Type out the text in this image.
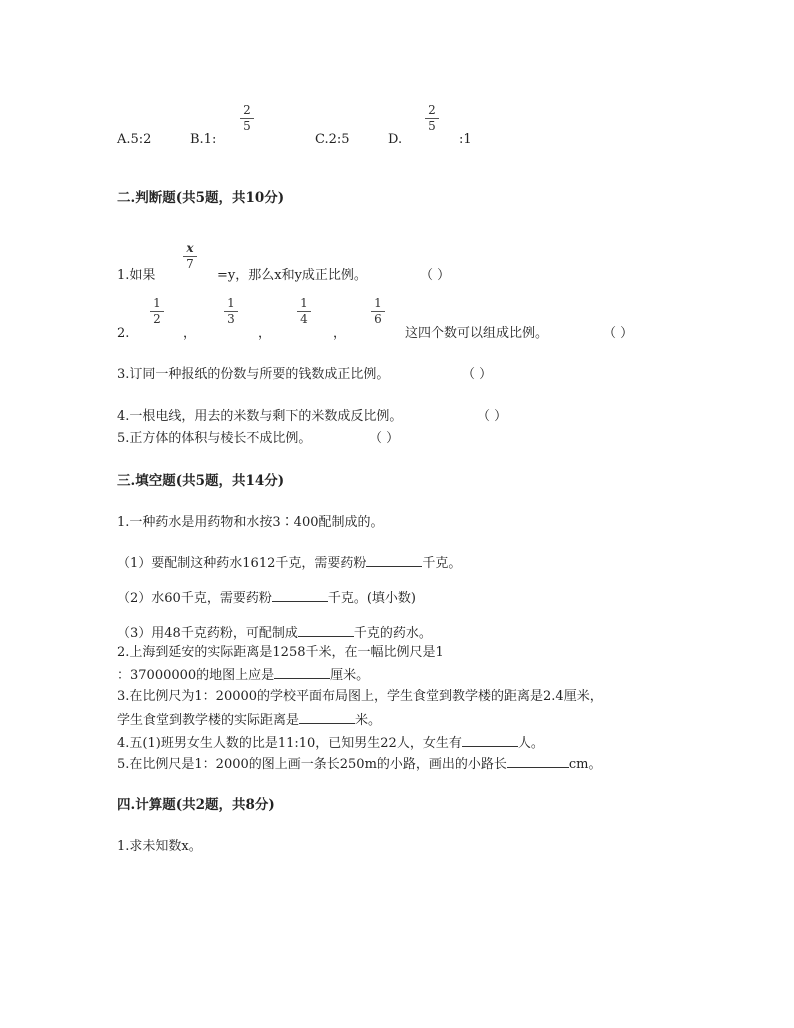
A.5:2	B.1:
2
5
C.2:5	D.
2
5
:1
二.判断题(共5题，共10分)
1.如果
x
7
=y，那么x和y成正比例。	（ ）
2.
1
2
，
1
3
，
1
4
，
1
6
这四个数可以组成比例。	（ ）
3.订同一种报纸的份数与所要的钱数成正比例。	（ ）
4.一根电线，用去的米数与剩下的米数成反比例。	（ ）
5.正方体的体积与棱长不成比例。	（ ）
三.填空题(共5题，共14分)
1.一种药水是用药物和水按3∶400配制成的。
（1）要配制这种药水1612千克，需要药粉	千克。
（2）水60千克，需要药粉	千克。(填小数)
（3）用48千克药粉，可配制成	千克的药水。
2.上海到延安的实际距离是1258千米，在一幅比例尺是1
：37000000的地图上应是	厘米。
3.在比例尺为1：20000的学校平面布局图上，学生食堂到教学楼的距离是2.4厘米，
学生食堂到教学楼的实际距离是	米。
4.五(1)班男女生人数的比是11:10，已知男生22人，女生有	人。
5.在比例尺是1：2000的图上画一条长250m的小路，画出的小路长	cm。
四.计算题(共2题，共8分)
1.求未知数x。
